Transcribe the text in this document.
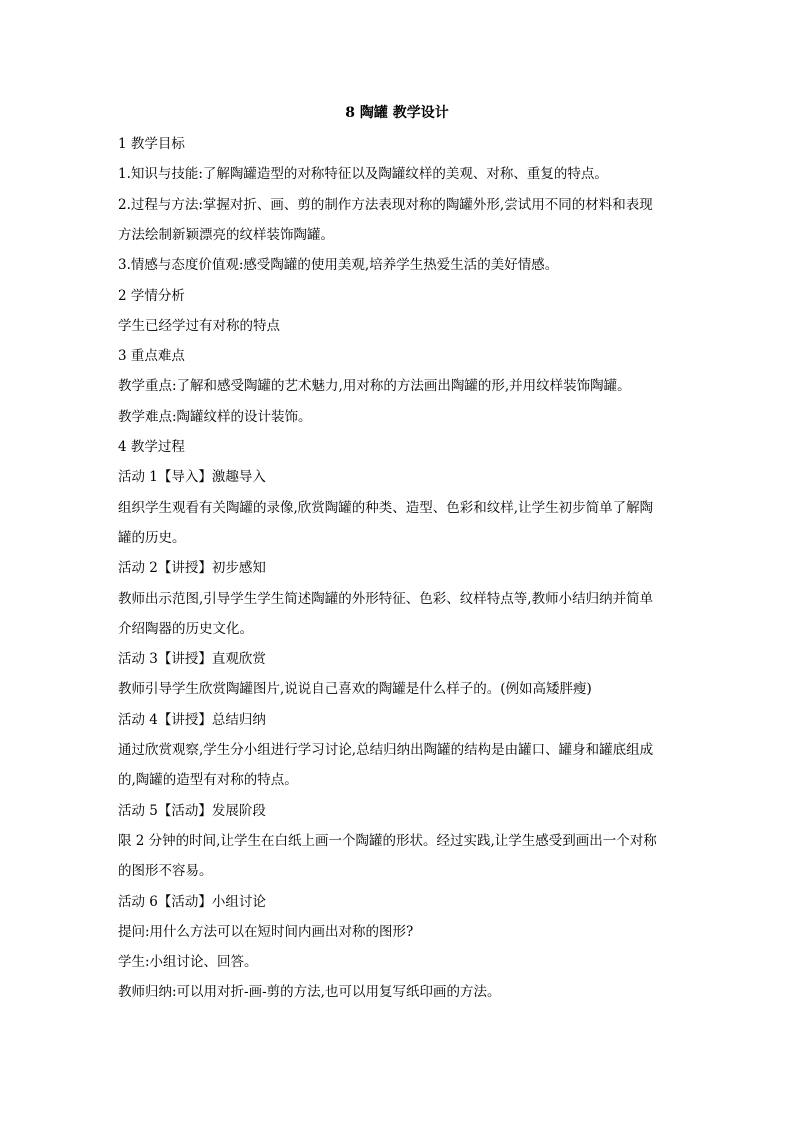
8 陶罐 教学设计
1 教学目标
1.知识与技能:了解陶罐造型的对称特征以及陶罐纹样的美观、对称、重复的特点。
2.过程与方法:掌握对折、画、剪的制作方法表现对称的陶罐外形,尝试用不同的材料和表现
方法绘制新颖漂亮的纹样装饰陶罐。
3.情感与态度价值观:感受陶罐的使用美观,培养学生热爱生活的美好情感。
2 学情分析
学生已经学过有对称的特点
3 重点难点
教学重点:了解和感受陶罐的艺术魅力,用对称的方法画出陶罐的形,并用纹样装饰陶罐。
教学难点:陶罐纹样的设计装饰。
4 教学过程
活动 1【导入】激趣导入
组织学生观看有关陶罐的录像,欣赏陶罐的种类、造型、色彩和纹样,让学生初步简单了解陶
罐的历史。
活动 2【讲授】初步感知
教师出示范图,引导学生学生简述陶罐的外形特征、色彩、纹样特点等,教师小结归纳并简单
介绍陶器的历史文化。
活动 3【讲授】直观欣赏
教师引导学生欣赏陶罐图片,说说自己喜欢的陶罐是什么样子的。(例如高矮胖瘦)
活动 4【讲授】总结归纳
通过欣赏观察,学生分小组进行学习讨论,总结归纳出陶罐的结构是由罐口、罐身和罐底组成
的,陶罐的造型有对称的特点。
活动 5【活动】发展阶段
限 2 分钟的时间,让学生在白纸上画一个陶罐的形状。经过实践,让学生感受到画出一个对称
的图形不容易。
活动 6【活动】小组讨论
提问:用什么方法可以在短时间内画出对称的图形?
学生:小组讨论、回答。
教师归纳:可以用对折-画-剪的方法,也可以用复写纸印画的方法。
